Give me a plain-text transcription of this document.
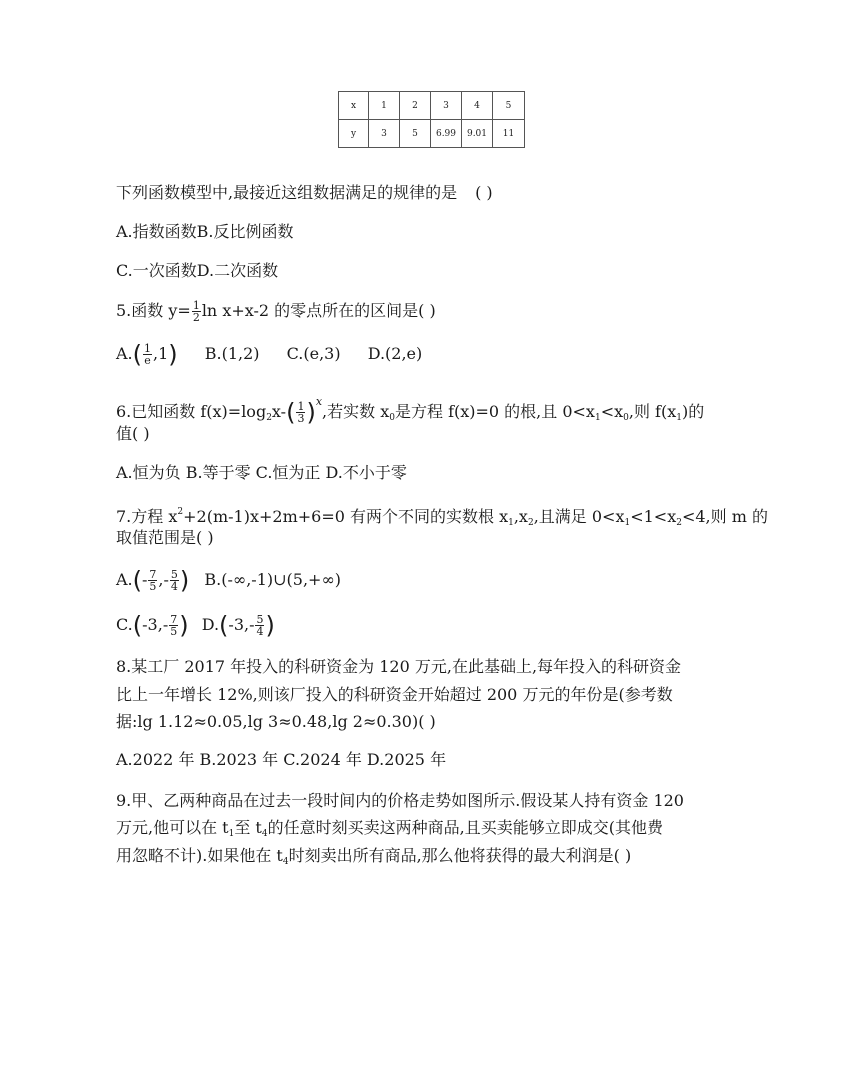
x	1	2	3	4	5
y	3	5	6.99	9.01	11
下列函数模型中,最接近这组数据满足的规律的是 ( )
A.指数函数B.反比例函数
C.一次函数D.二次函数
5.函数 $y= \frac{1}{2}$ ln x+x-2 的零点所在的区间是( )
$A.( \frac{1}{e} ,1)$ B.(1,2) C.(e,3) D.(2,e)
6.已知函数 $f(x)=\log_2x-( \frac{1}{3} )^x$,若实数 $x_0$是方程 f(x)=0 的根,且 $0<x_1<x_0$,则 $f(x_1)$的
值( )
A.恒为负 B.等于零 C.恒为正 D.不小于零
7.方程 $x^2+2(m-1)x+2m+6=0$ 有两个不同的实数根 $x_1,x_2$,且满足 $0<x_1<1<x_2<4$,则 m 的
取值范围是( )
$A.(- \frac{7}{5}$ ,- $\frac{5}{4}$ ) B.(-∞,-1)∪(5,+∞)
$C.(-3,- \frac{7}{5}$ ) $D.(-3,- \frac{5}{4}$ )
8.某工厂 2017 年投入的科研资金为 120 万元,在此基础上,每年投入的科研资金
比上一年增长 12%,则该厂投入的科研资金开始超过 200 万元的年份是(参考数
据:lg 1.12≈0.05,lg 3≈0.48,lg 2≈0.30)( )
A.2022 年 B.2023 年 C.2024 年 D.2025 年
9.甲、乙两种商品在过去一段时间内的价格走势如图所示.假设某人持有资金 120
万元,他可以在 $t_1$至 $t_4$的任意时刻买卖这两种商品,且买卖能够立即成交(其他费
用忽略不计).如果他在 $t_4$时刻卖出所有商品,那么他将获得的最大利润是( )
